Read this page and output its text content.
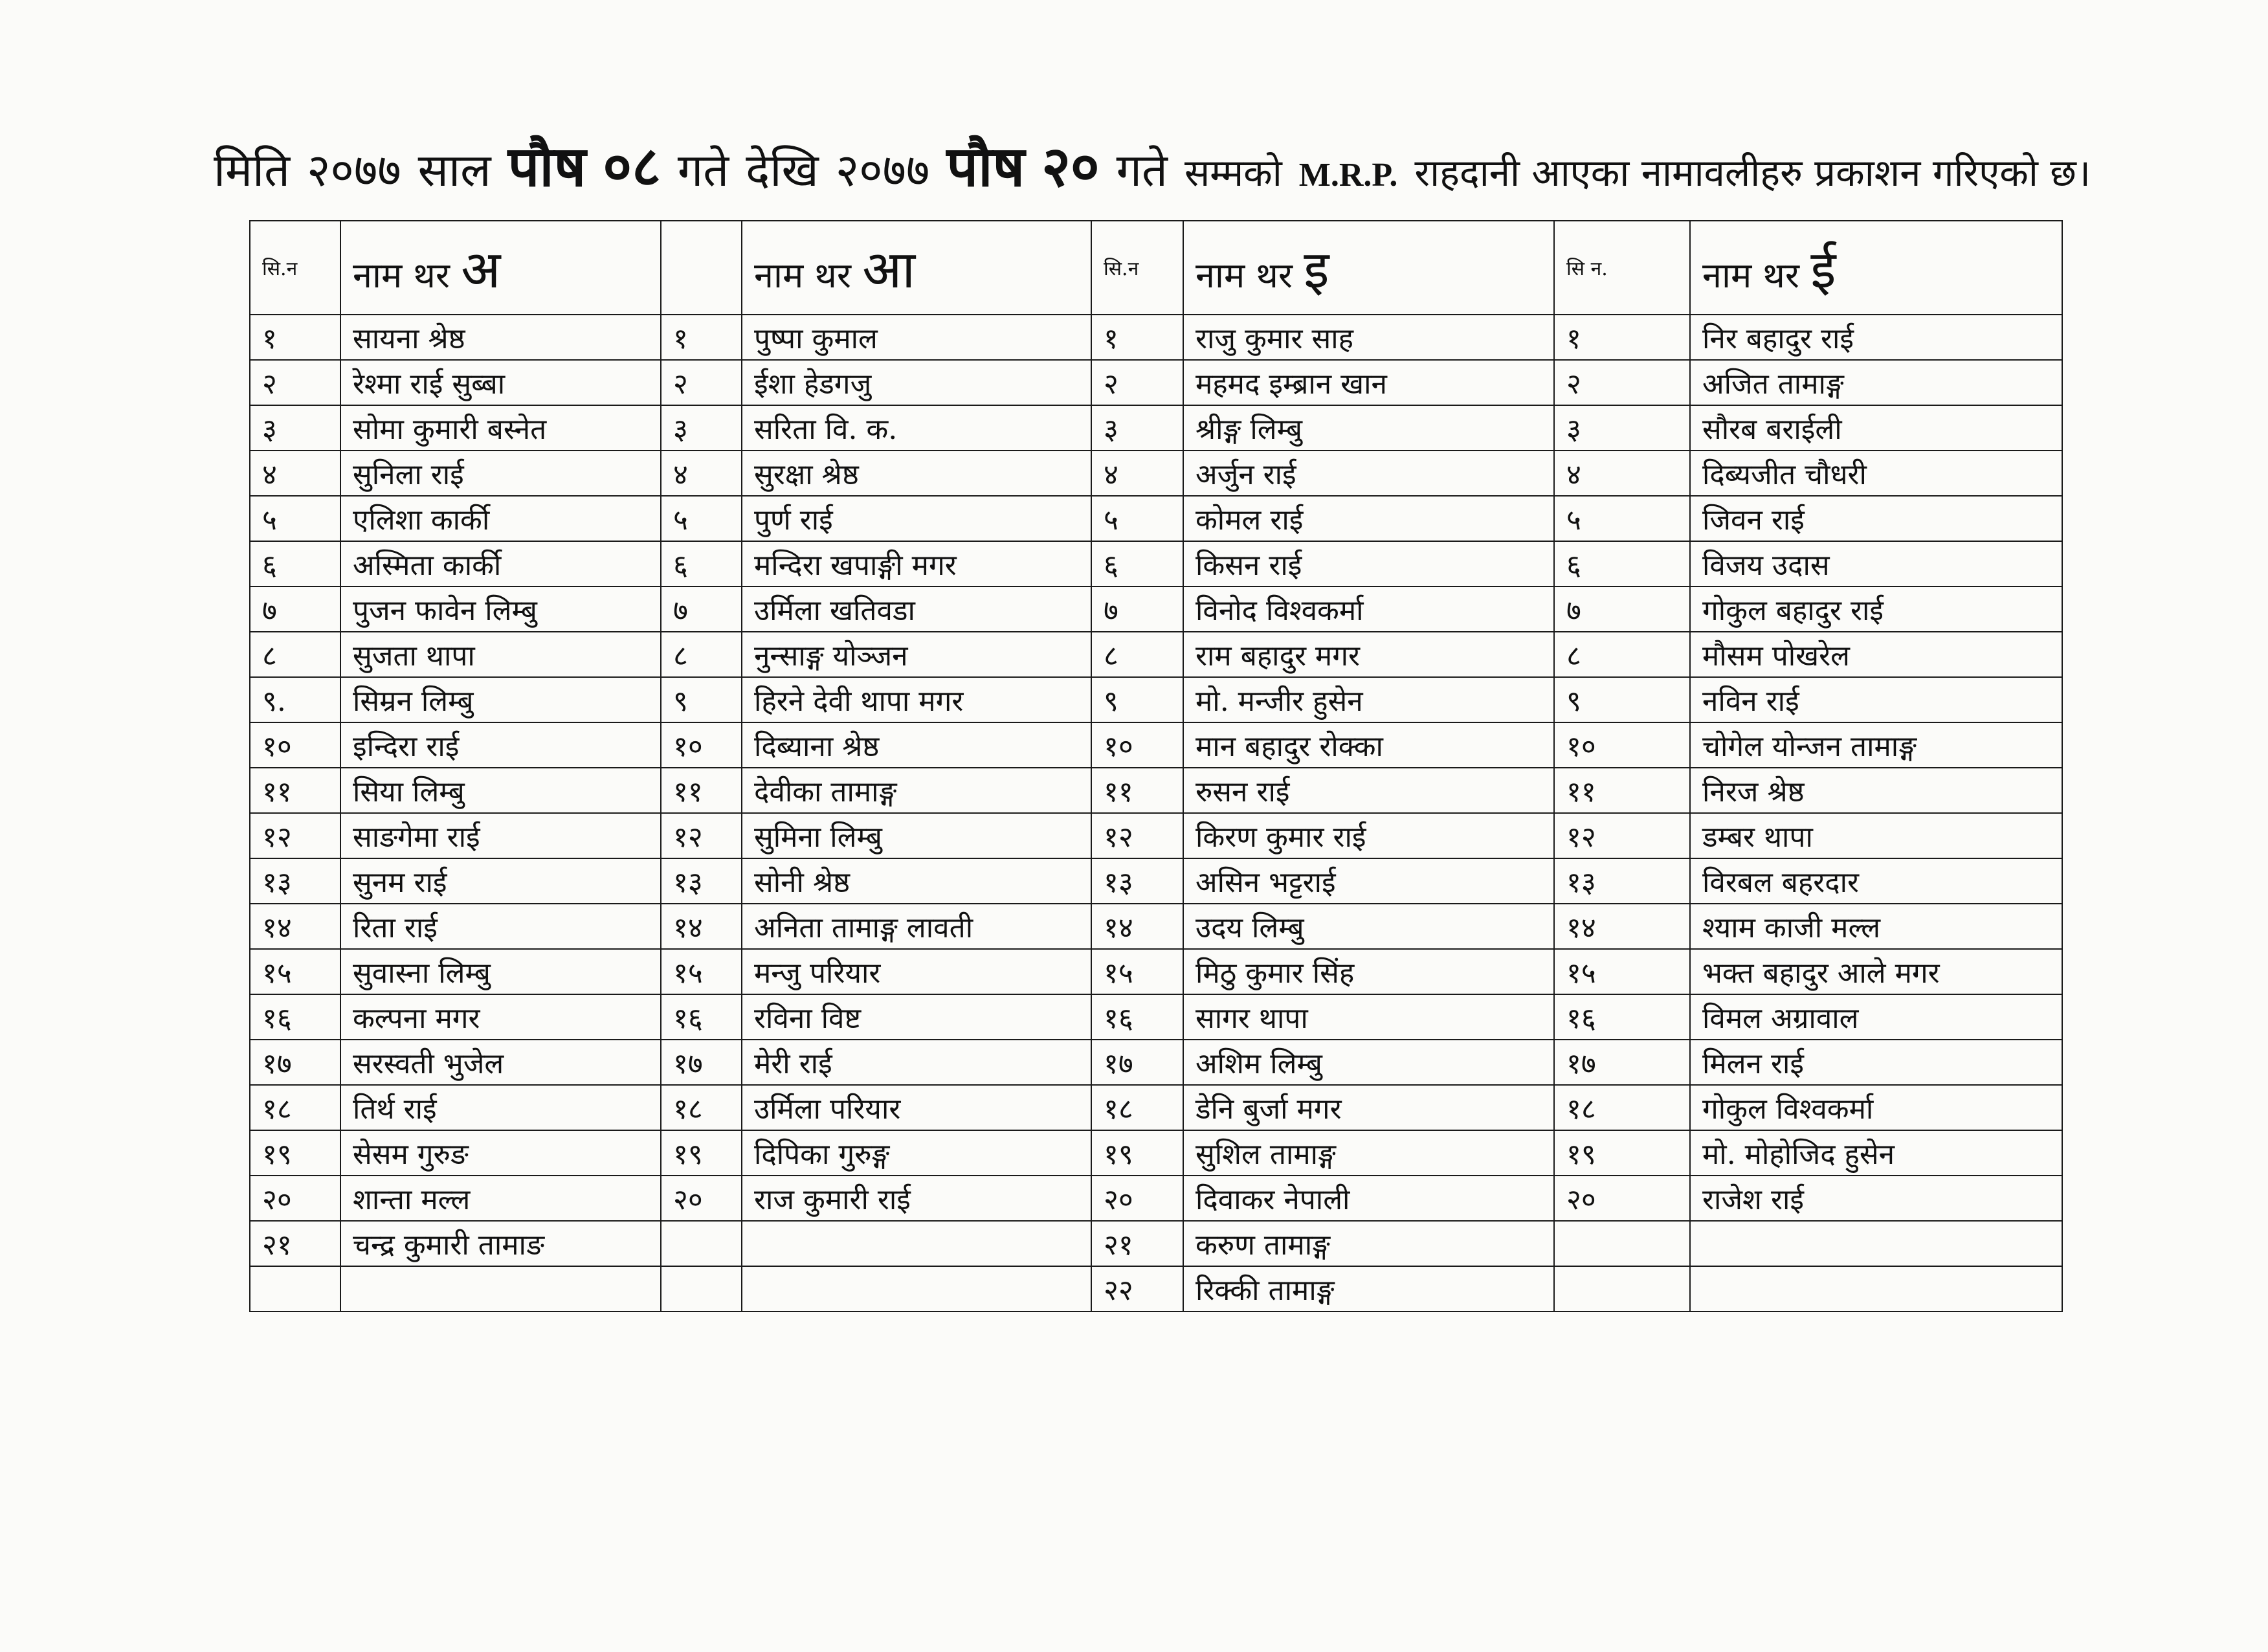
मिति २०७७ साल पौष ०८ गते देखि २०७७ पौष २० गते सम्मको M.R.P. राहदानी आएका नामावलीहरु प्रकाशन गरिएको छ।
सि.न	नाम थर अ		नाम थर आ	सि.न	नाम थर इ	सि न.	नाम थर ई
१	सायना श्रेष्ठ	१	पुष्पा कुमाल	१	राजु कुमार साह	१	निर बहादुर राई
२	रेश्मा राई सुब्बा	२	ईशा हेडगजु	२	महमद इम्ब्रान खान	२	अजित तामाङ्ग
३	सोमा कुमारी बस्नेत	३	सरिता वि. क.	३	श्रीङ्ग लिम्बु	३	सौरब बराईली
४	सुनिला राई	४	सुरक्षा श्रेष्ठ	४	अर्जुन राई	४	दिब्यजीत चौधरी
५	एलिशा कार्की	५	पुर्ण राई	५	कोमल राई	५	जिवन राई
६	अस्मिता कार्की	६	मन्दिरा खपाङ्गी मगर	६	किसन राई	६	विजय उदास
७	पुजन फावेन लिम्बु	७	उर्मिला खतिवडा	७	विनोद विश्वकर्मा	७	गोकुल बहादुर राई
८	सुजता थापा	८	नुन्साङ्ग योञ्जन	८	राम बहादुर मगर	८	मौसम पोखरेल
९.	सिम्रन लिम्बु	९	हिरने देवी थापा मगर	९	मो. मन्जीर हुसेन	९	नविन राई
१०	इन्दिरा राई	१०	दिब्याना श्रेष्ठ	१०	मान बहादुर रोक्का	१०	चोगेल योन्जन तामाङ्ग
११	सिया लिम्बु	११	देवीका तामाङ्ग	११	रुसन राई	११	निरज श्रेष्ठ
१२	साङगेमा राई	१२	सुमिना लिम्बु	१२	किरण कुमार राई	१२	डम्बर थापा
१३	सुनम राई	१३	सोनी श्रेष्ठ	१३	असिन भट्टराई	१३	विरबल बहरदार
१४	रिता राई	१४	अनिता तामाङ्ग लावती	१४	उदय लिम्बु	१४	श्याम काजी मल्ल
१५	सुवास्ना लिम्बु	१५	मन्जु परियार	१५	मिठु कुमार सिंह	१५	भक्त बहादुर आले मगर
१६	कल्पना मगर	१६	रविना विष्ट	१६	सागर थापा	१६	विमल अग्रावाल
१७	सरस्वती भुजेल	१७	मेरी राई	१७	अशिम लिम्बु	१७	मिलन राई
१८	तिर्थ राई	१८	उर्मिला परियार	१८	डेनि बुर्जा मगर	१८	गोकुल विश्वकर्मा
१९	सेसम गुरुङ	१९	दिपिका गुरुङ्ग	१९	सुशिल तामाङ्ग	१९	मो. मोहोजिद हुसेन
२०	शान्ता मल्ल	२०	राज कुमारी राई	२०	दिवाकर नेपाली	२०	राजेश राई
२१	चन्द्र कुमारी तामाङ			२१	करुण तामाङ्ग		
				२२	रिक्की तामाङ्ग		
